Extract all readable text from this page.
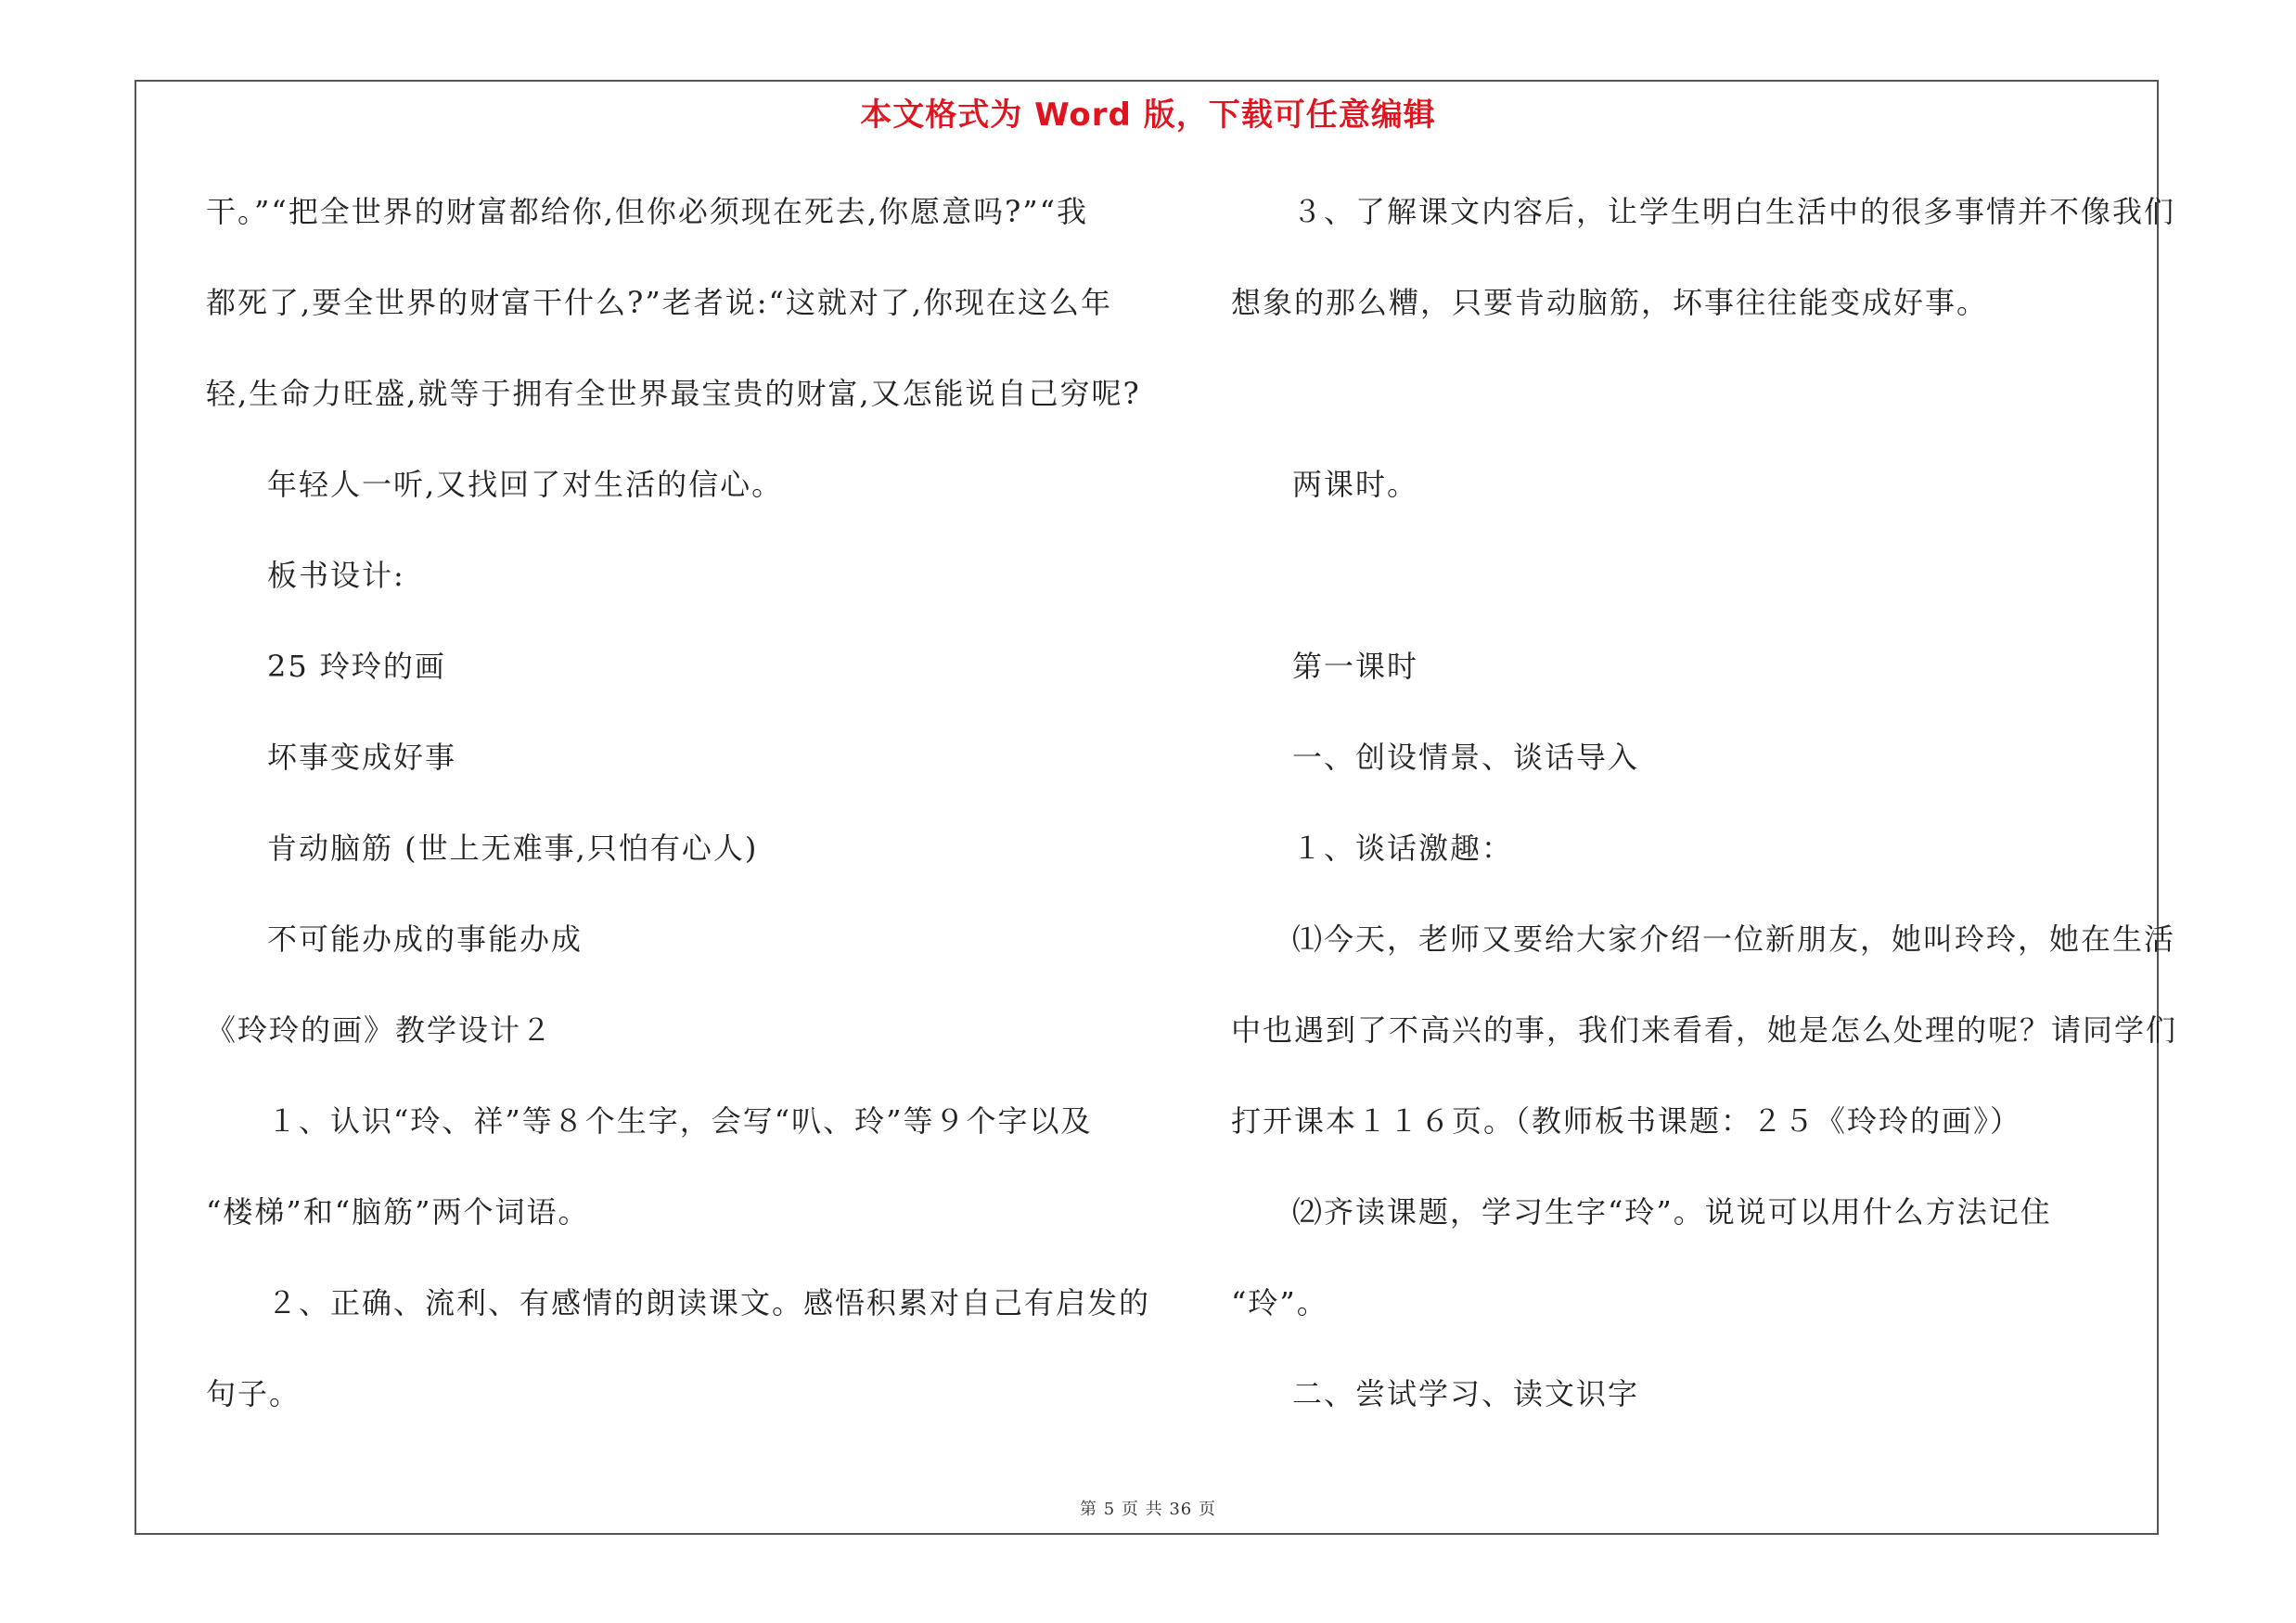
本文格式为 Word 版，下载可任意编辑
干。”“把全世界的财富都给你,但你必须现在死去,你愿意吗?”“我
都死了,要全世界的财富干什么?”老者说:“这就对了,你现在这么年
轻,生命力旺盛,就等于拥有全世界最宝贵的财富,又怎能说自己穷呢?
年轻人一听,又找回了对生活的信心。
板书设计:
25 玲玲的画
坏事变成好事
肯动脑筋 (世上无难事,只怕有心人)
不可能办成的事能办成
《玲玲的画》教学设计２
１、认识“玲、祥”等８个生字，会写“叭、玲”等９个字以及
“楼梯”和“脑筋”两个词语。
２、正确、流利、有感情的朗读课文。感悟积累对自己有启发的
句子。
３、了解课文内容后，让学生明白生活中的很多事情并不像我们
想象的那么糟，只要肯动脑筋，坏事往往能变成好事。
两课时。
第一课时
一、创设情景、谈话导入
１、谈话激趣：
⑴今天，老师又要给大家介绍一位新朋友，她叫玲玲，她在生活
中也遇到了不高兴的事，我们来看看，她是怎么处理的呢？请同学们
打开课本１１６页。（教师板书课题：２５《玲玲的画》）
⑵齐读课题，学习生字“玲”。说说可以用什么方法记住
“玲”。
二、尝试学习、读文识字
第 5 页 共 36 页
